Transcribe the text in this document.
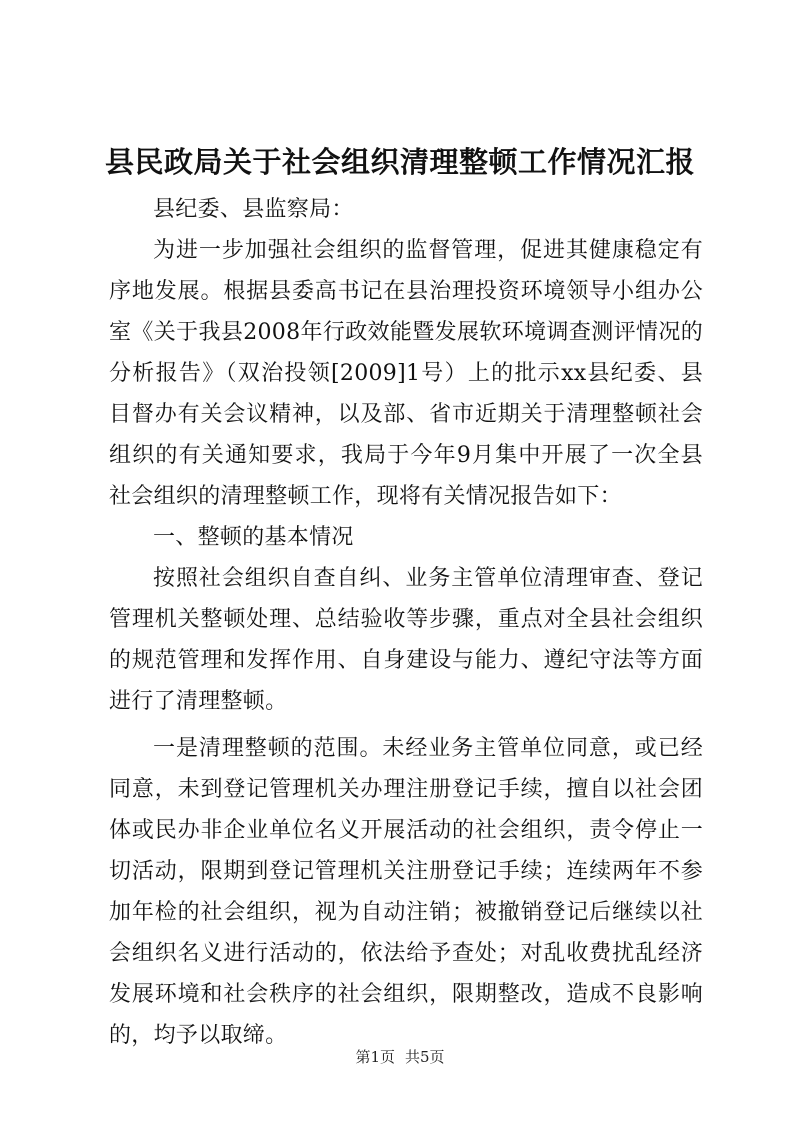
县民政局关于社会组织清理整顿工作情况汇报

县纪委、县监察局：

为进一步加强社会组织的监督管理，促进其健康稳定有序地发展。根据县委高书记在县治理投资环境领导小组办公室《关于我县2008年行政效能暨发展软环境调查测评情况的分析报告》（双治投领[2009]1号）上的批示xx县纪委、县目督办有关会议精神，以及部、省市近期关于清理整顿社会组织的有关通知要求，我局于今年9月集中开展了一次全县社会组织的清理整顿工作，现将有关情况报告如下：

一、整顿的基本情况

按照社会组织自查自纠、业务主管单位清理审查、登记管理机关整顿处理、总结验收等步骤，重点对全县社会组织的规范管理和发挥作用、自身建设与能力、遵纪守法等方面进行了清理整顿。

一是清理整顿的范围。未经业务主管单位同意，或已经同意，未到登记管理机关办理注册登记手续，擅自以社会团体或民办非企业单位名义开展活动的社会组织，责令停止一切活动，限期到登记管理机关注册登记手续；连续两年不参加年检的社会组织，视为自动注销；被撤销登记后继续以社会组织名义进行活动的，依法给予查处；对乱收费扰乱经济发展环境和社会秩序的社会组织，限期整改，造成不良影响的，均予以取缔。

第1页 共5页
